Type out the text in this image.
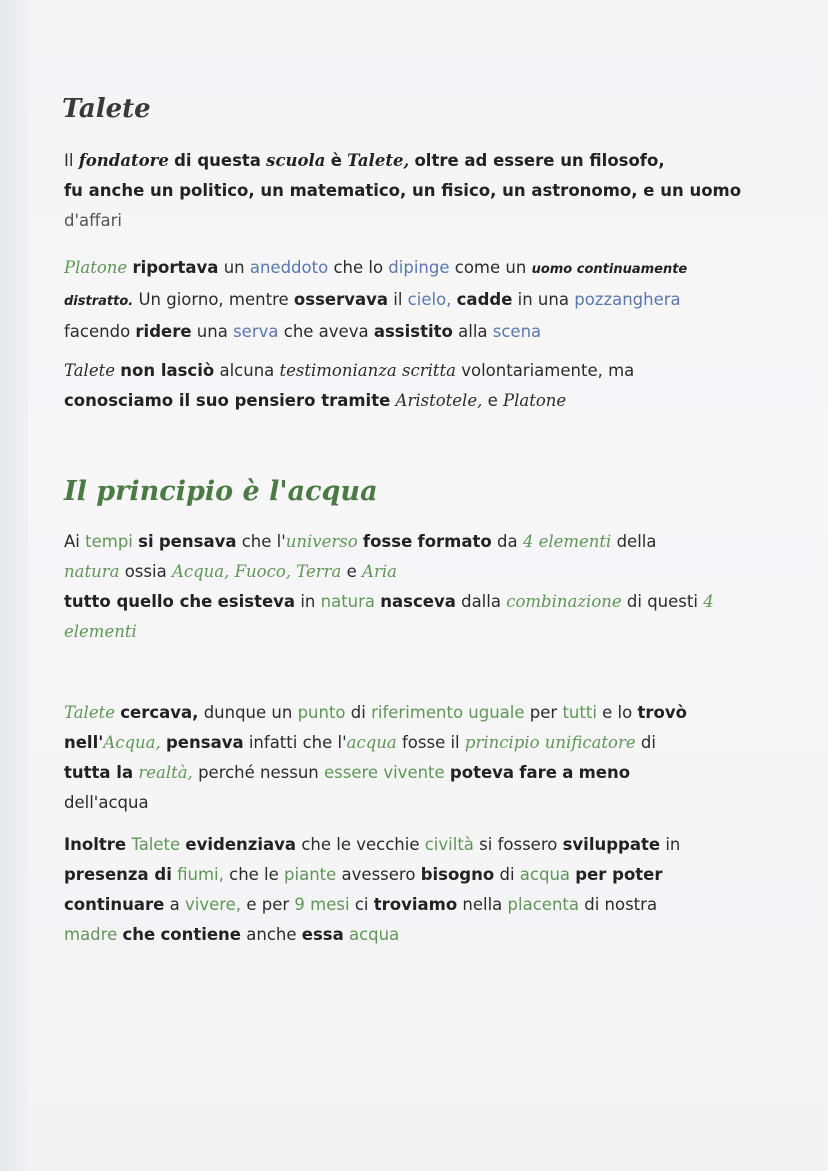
Talete
Il fondatore di questa scuola è Talete, oltre ad essere un filosofo,
fu anche un politico, un matematico, un fisico, un astronomo, e un uomo
d'affari
Platone riportava un aneddoto che lo dipinge come un uomo continuamente
distratto. Un giorno, mentre osservava il cielo, cadde in una pozzanghera
facendo ridere una serva che aveva assistito alla scena
Talete non lasciò alcuna testimonianza scritta volontariamente, ma
conosciamo il suo pensiero tramite Aristotele, e Platone
Il principio è l'acqua
Ai tempi si pensava che l'universo fosse formato da 4 elementi della
natura ossia Acqua, Fuoco, Terra e Aria
tutto quello che esisteva in natura nasceva dalla combinazione di questi 4
elementi
Talete cercava, dunque un punto di riferimento uguale per tutti e lo trovò
nell'Acqua, pensava infatti che l'acqua fosse il principio unificatore di
tutta la realtà, perché nessun essere vivente poteva fare a meno
dell'acqua
Inoltre Talete evidenziava che le vecchie civiltà si fossero sviluppate in
presenza di fiumi, che le piante avessero bisogno di acqua per poter
continuare a vivere, e per 9 mesi ci troviamo nella placenta di nostra
madre che contiene anche essa acqua
